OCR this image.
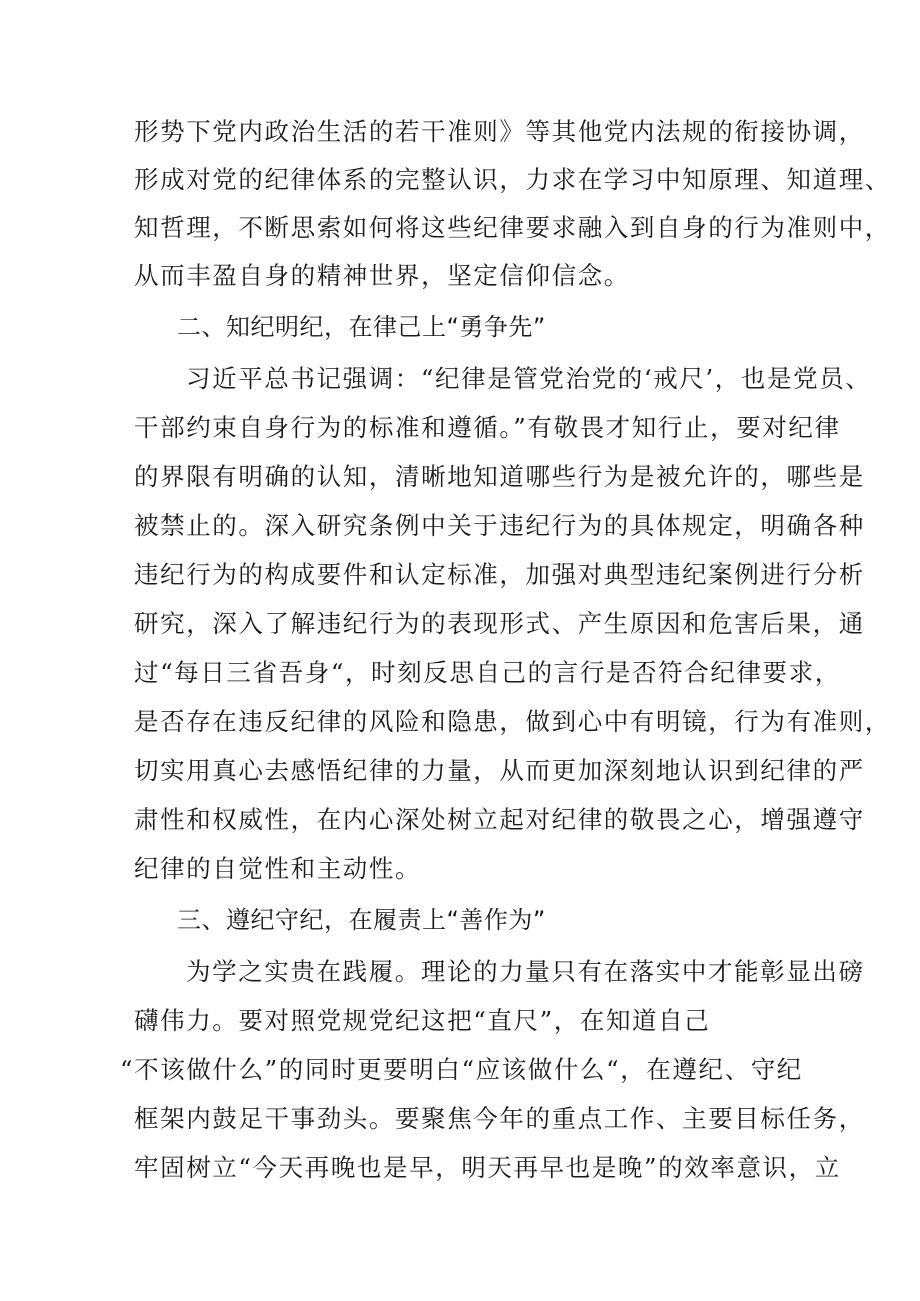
形势下党内政治生活的若干准则》等其他党内法规的衔接协调，
形成对党的纪律体系的完整认识，力求在学习中知原理、知道理、
知哲理，不断思索如何将这些纪律要求融入到自身的行为准则中，
从而丰盈自身的精神世界，坚定信仰信念。
二、知纪明纪，在律己上“勇争先”
习近平总书记强调：“纪律是管党治党的‘戒尺’，也是党员、
干部约束自身行为的标准和遵循。”有敬畏才知行止，要对纪律
的界限有明确的认知，清晰地知道哪些行为是被允许的，哪些是
被禁止的。深入研究条例中关于违纪行为的具体规定，明确各种
违纪行为的构成要件和认定标准，加强对典型违纪案例进行分析
研究，深入了解违纪行为的表现形式、产生原因和危害后果，通
过“每日三省吾身“，时刻反思自己的言行是否符合纪律要求，
是否存在违反纪律的风险和隐患，做到心中有明镜，行为有准则，
切实用真心去感悟纪律的力量，从而更加深刻地认识到纪律的严
肃性和权威性，在内心深处树立起对纪律的敬畏之心，增强遵守
纪律的自觉性和主动性。
三、遵纪守纪，在履责上“善作为”
为学之实贵在践履。理论的力量只有在落实中才能彰显出磅
礴伟力。要对照党规党纪这把“直尺”，在知道自己
“不该做什么”的同时更要明白“应该做什么“，在遵纪、守纪
框架内鼓足干事劲头。要聚焦今年的重点工作、主要目标任务，
牢固树立“今天再晚也是早，明天再早也是晚”的效率意识，立
